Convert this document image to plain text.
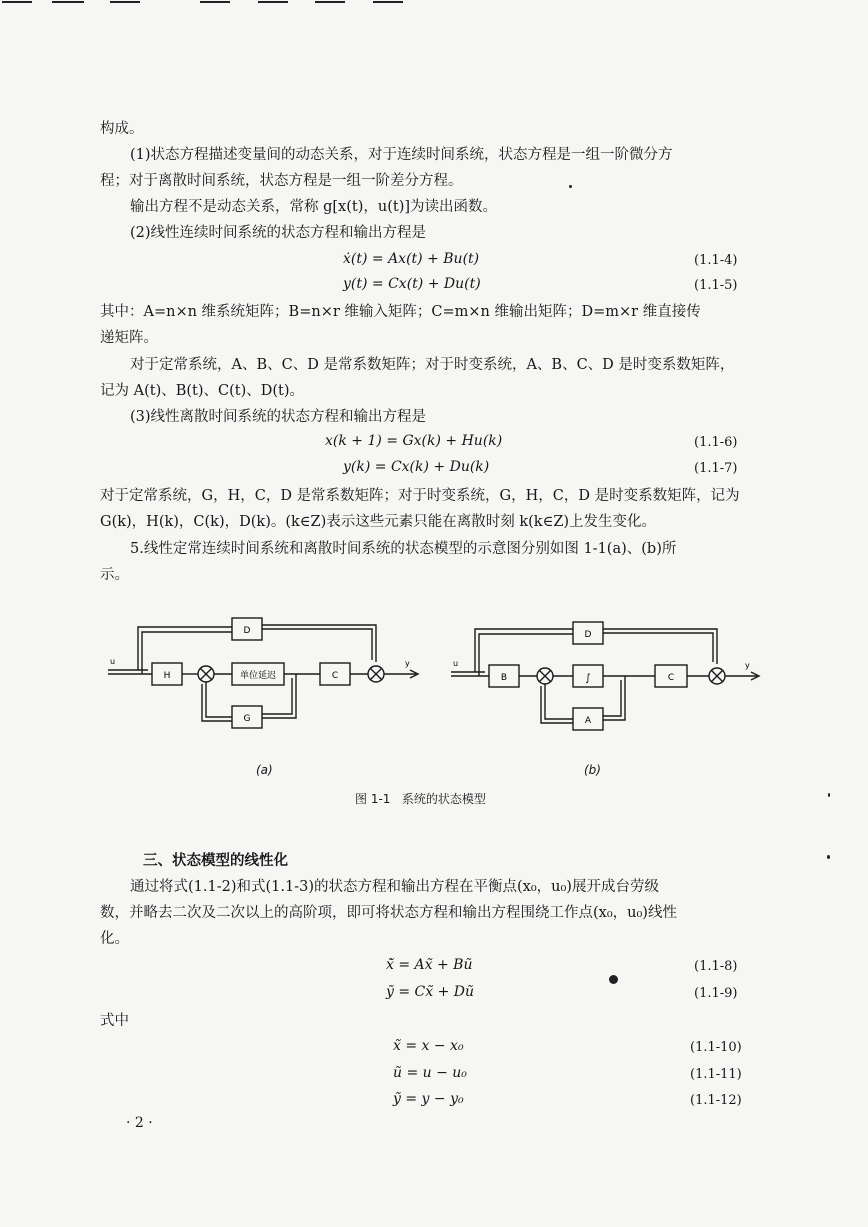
构成。

(1)状态方程描述变量间的动态关系，对于连续时间系统，状态方程是一组一阶微分方

程；对于离散时间系统，状态方程是一组一阶差分方程。

输出方程不是动态关系，常称 g[x(t)，u(t)]为读出函数。

(2)线性连续时间系统的状态方程和输出方程是

ẋ(t) = Ax(t) + Bu(t)	(1.1-4)
y(t) = Cx(t) + Du(t)	(1.1-5)

其中：A=n×n 维系统矩阵；B=n×r 维输入矩阵；C=m×n 维输出矩阵；D=m×r 维直接传

递矩阵。

对于定常系统，A、B、C、D 是常系数矩阵；对于时变系统，A、B、C、D 是时变系数矩阵，

记为 A(t)、B(t)、C(t)、D(t)。

(3)线性离散时间系统的状态方程和输出方程是

x(k + 1) = Gx(k) + Hu(k)	(1.1-6)
y(k) = Cx(k) + Du(k)	(1.1-7)

对于定常系统，G，H，C，D 是常系数矩阵；对于时变系统，G，H，C，D 是时变系数矩阵，记为

G(k)，H(k)，C(k)，D(k)。(k∈Z)表示这些元素只能在离散时刻 k(k∈Z)上发生变化。

5.线性定常连续时间系统和离散时间系统的状态模型的示意图分别如图 1-1(a)、(b)所

示。

D
H	单位延迟	C
G
u	y
(a)
D
B	∫	C
A
u	y
(b)
图 1-1 系统的状态模型

三、状态模型的线性化

通过将式(1.1-2)和式(1.1-3)的状态方程和输出方程在平衡点(x₀，u₀)展开成台劳级

数，并略去二次及二次以上的高阶项，即可将状态方程和输出方程围绕工作点(x₀，u₀)线性

化。

x̃̇ = Ax̃ + Bũ	(1.1-8)
ỹ = Cx̃ + Dũ	(1.1-9)

式中

x̃ = x − x₀	(1.1-10)
ũ = u − u₀	(1.1-11)
ỹ = y − y₀	(1.1-12)
· 2 ·
